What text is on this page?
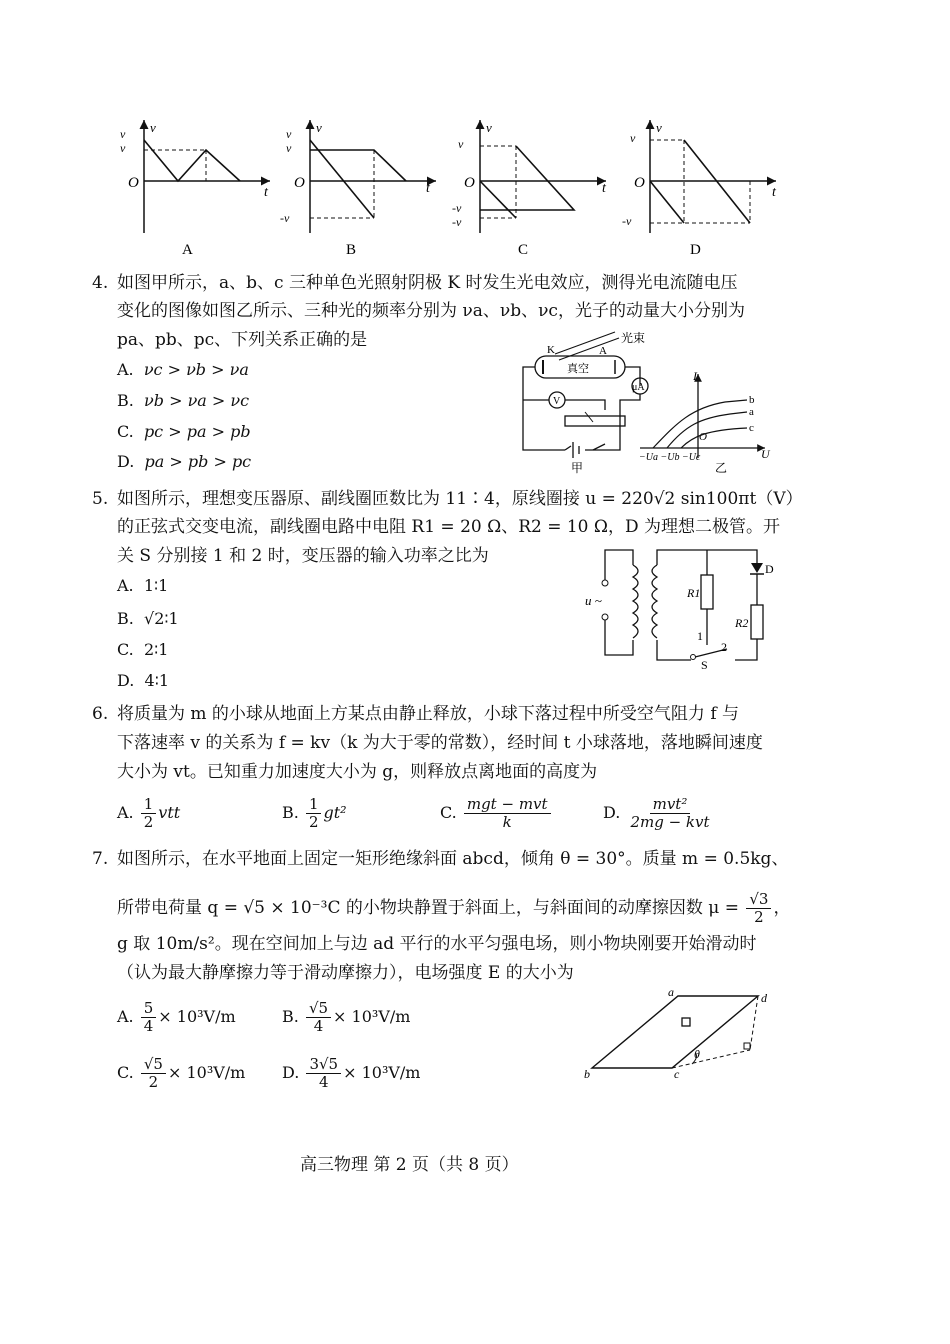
v
v
v
O
t
A
v
v
v
-v
O	t
B
v
v
-v
-v
O	t
C
v
v
-v
O
t
D
4. 如图甲所示，a、b、c 三种单色光照射阴极 K 时发生光电效应，测得光电流随电压
变化的图像如图乙所示、三种光的频率分别为 νa、νb、νc，光子的动量大小分别为
pa、pb、pc、下列关系正确的是
A. νc > νb > νa
B. νb > νa > νc
C. pc > pa > pb
D. pa > pb > pc
K	A
真空
光束
μA
V
甲
I
U
O
b
a
c
−Ua −Ub −Uc
乙
5. 如图所示，理想变压器原、副线圈匝数比为 11∶4，原线圈接 u = 220√2 sin100πt（V）
的正弦式交变电流，副线圈电路中电阻 R1 = 20 Ω、R2 = 10 Ω，D 为理想二极管。开
关 S 分别接 1 和 2 时，变压器的输入功率之比为
A. 1∶1
B. √2∶1
C. 2∶1
D. 4∶1
u ~	R1
1
D
R2
2
S
6. 将质量为 m 的小球从地面上方某点由静止释放，小球下落过程中所受空气阻力 f 与
下落速率 v 的关系为 f = kv（k 为大于零的常数），经时间 t 小球落地，落地瞬间速度
大小为 vt。已知重力加速度大小为 g，则释放点离地面的高度为
A. $\frac{1}{2}$ vtt	B. $\frac{1}{2} gt^2$	C. $\frac{\text{mgt − mvt}}{k}$	D. $\frac{\text{mvt²}}{\text{2mg − kvt}}$
7. 如图所示，在水平地面上固定一矩形绝缘斜面 abcd，倾角 θ = 30°。质量 m = 0.5kg、
所带电荷量 q = √5 × 10⁻³C 的小物块静置于斜面上，与斜面间的动摩擦因数 $\mu = \frac{√3}{2}$ ，
g 取 10m/s²。现在空间加上与边 ad 平行的水平匀强电场，则小物块刚要开始滑动时
（认为最大静摩擦力等于滑动摩擦力），电场强度 E 的大小为
A. $\frac{5}{4} \times 10^3V/m$	B. $\frac{√5}{4} \times 10^3V/m$
C. $\frac{√5}{2} \times 10^3V/m$ D. $\frac{3√5}{4} \times 10^3V/m$
θ
a	d
b	c
高三物理 第 2 页（共 8 页）
